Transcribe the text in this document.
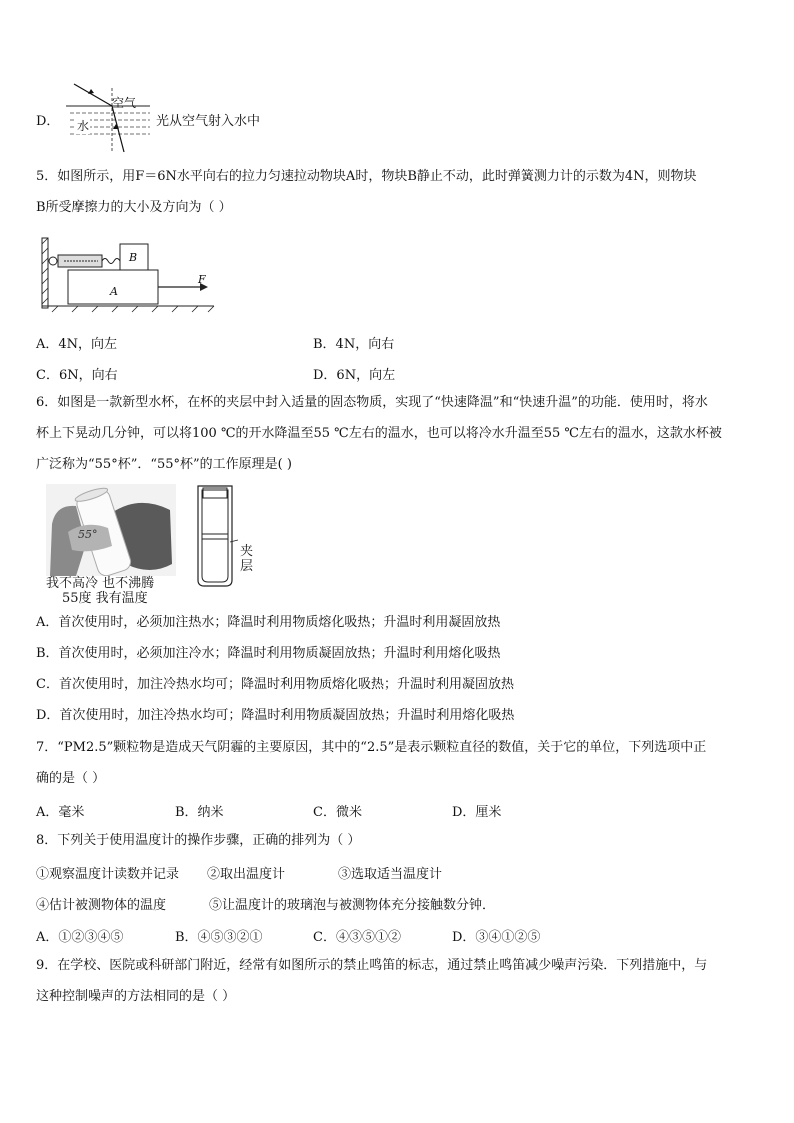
D．
空气
水	光从空气射入水中
5．如图所示，用F＝6N水平向右的拉力匀速拉动物块A时，物块B静止不动，此时弹簧测力计的示数为4N，则物块
B所受摩擦力的大小及方向为（ ）
B
A
F
A．4N，向左	B．4N，向右
C．6N，向右	D．6N，向左
6．如图是一款新型水杯，在杯的夹层中封入适量的固态物质，实现了“快速降温”和“快速升温”的功能．使用时，将水
杯上下晃动几分钟，可以将100 ℃的开水降温至55 ℃左右的温水，也可以将冷水升温至55 ℃左右的温水，这款水杯被
广泛称为“55°杯”．“55°杯”的工作原理是( )
55°
我不高冷 也不沸腾
55度 我有温度
夹
层
A．首次使用时，必须加注热水；降温时利用物质熔化吸热；升温时利用凝固放热
B．首次使用时，必须加注冷水；降温时利用物质凝固放热；升温时利用熔化吸热
C．首次使用时，加注冷热水均可；降温时利用物质熔化吸热；升温时利用凝固放热
D．首次使用时，加注冷热水均可；降温时利用物质凝固放热；升温时利用熔化吸热
7．“PM2.5”颗粒物是造成天气阴霾的主要原因，其中的“2.5”是表示颗粒直径的数值，关于它的单位，下列选项中正
确的是（ ）
A．毫米	B．纳米	C．微米	D．厘米
8．下列关于使用温度计的操作步骤，正确的排列为（ ）
①观察温度计读数并记录 ②取出温度计	③选取适当温度计
④估计被测物体的温度	⑤让温度计的玻璃泡与被测物体充分接触数分钟．
A．①②③④⑤	B．④⑤③②①	C．④③⑤①②	D．③④①②⑤
9．在学校、医院或科研部门附近，经常有如图所示的禁止鸣笛的标志，通过禁止鸣笛减少噪声污染．下列措施中，与
这种控制噪声的方法相同的是（ ）
